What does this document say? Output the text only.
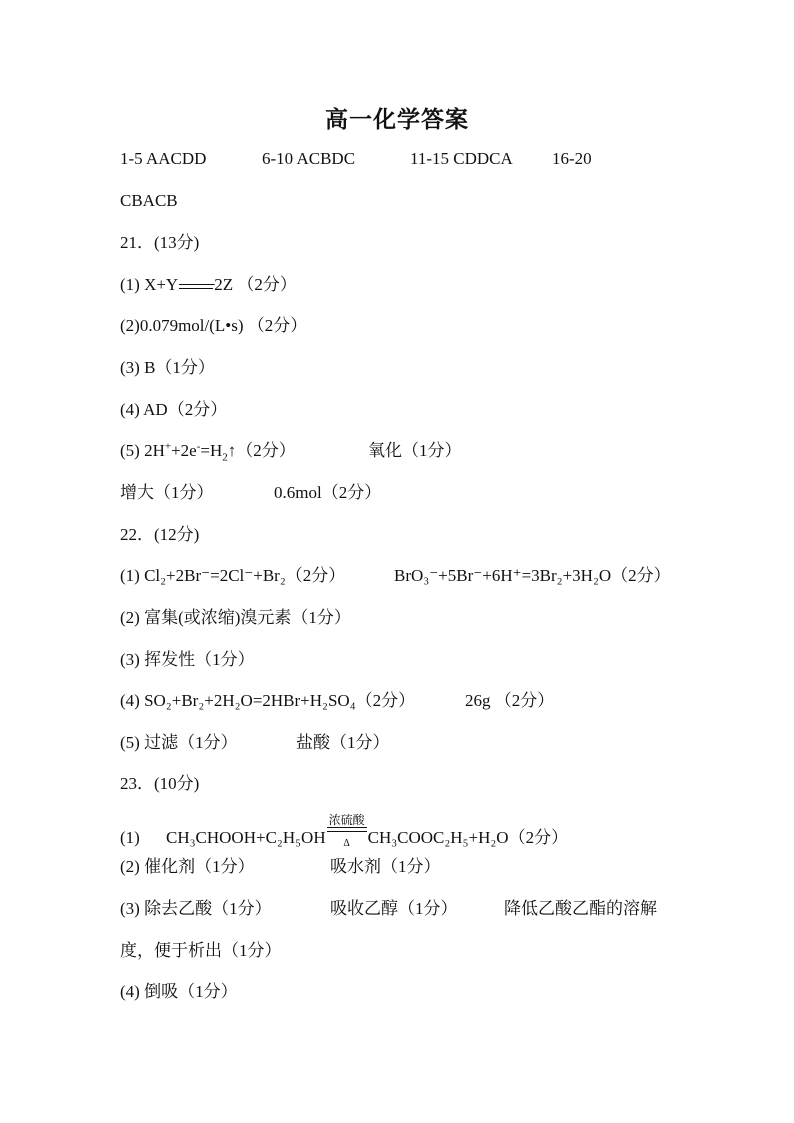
高一化学答案
1-5 AACDD	6-10 ACBDC	11-15 CDDCA 16-20
CBACB
21．(13分)
(1) X+Y 2Z （2分）
(2)0.079mol/(L•s) （2分）
(3) B（1分）
(4) AD（2分）
(5) $2H^++2e^-=H_2↑(2$分）	氧化（1分）
增大（1分）	0.6mol（2分）
22．(12分)
(1) Cl₂+2Br⁻=2Cl⁻+Br₂（2分）	BrO₃⁻+5Br⁻+6H⁺=3Br₂+3H₂O（2分）
(2) 富集(或浓缩)溴元素（1分）
(3) 挥发性（1分）
(4) SO₂+Br₂+2H₂O=2HBr+H₂SO₄（2分）	26g （2分）
(5) 过滤（1分）	盐酸（1分）
23．(10分)
(1) CH₃CHOOH+C₂H₅OH
浓硫酸
Δ	CH₃COOC₂H₅+H₂O（2分）
(2) 催化剂（1分）	吸水剂（1分）
(3) 除去乙酸（1分）	吸收乙醇（1分）	降低乙酸乙酯的溶解
度，便于析出（1分）
(4) 倒吸（1分）
